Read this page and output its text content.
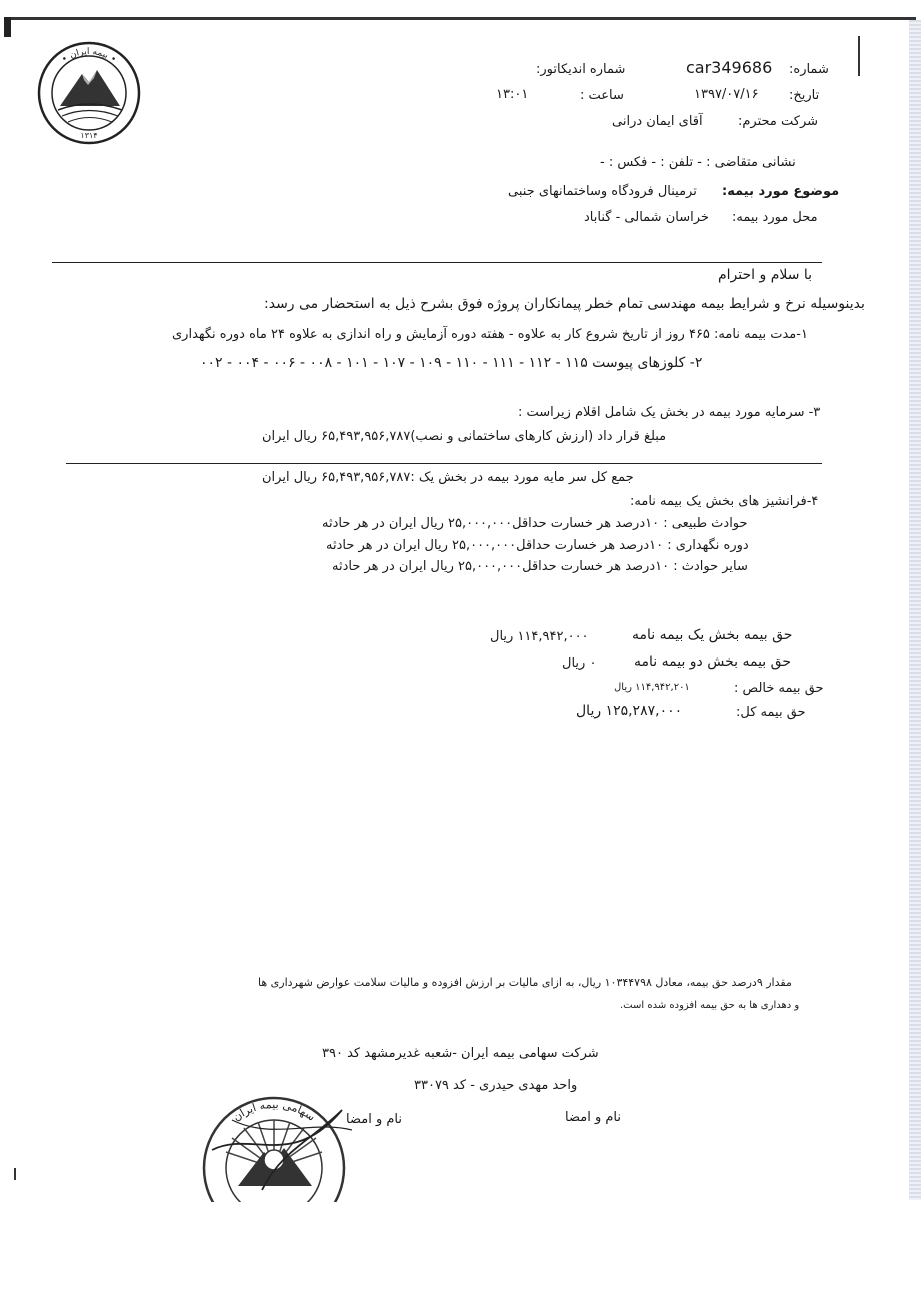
• بیمه ایران •
۱۳۱۴
شماره:
car349686
شماره اندیکاتور:
تاریخ:
۱۳۹۷/۰۷/۱۶
ساعت :
۱۳:۰۱
شرکت محترم:
آقای ایمان درانی
نشانی متقاضی : - تلفن : - فکس : -
موضوع مورد بیمه:
ترمینال فرودگاه وساختمانهای جنبی
محل مورد بیمه:
خراسان شمالی - گناباد
با سلام و احترام
بدینوسیله نرخ و شرایط بیمه مهندسی تمام خطر پیمانکاران پروژه فوق بشرح ذیل به استحضار می رسد:
۱-مدت بیمه نامه: ۴۶۵ روز از تاریخ شروع کار به علاوه - هفته دوره آزمایش و راه اندازی به علاوه ۲۴ ماه دوره نگهداری
۲- کلوزهای پیوست ۱۱۵ - ۱۱۲ - ۱۱۱ - ۱۱۰ - ۱۰۹ - ۱۰۷ - ۱۰۱ - ۰۰۸ - ۰۰۶ - ۰۰۴ - ۰۰۲
۳- سرمایه مورد بیمه در بخش یک شامل اقلام زیراست :
مبلغ قرار داد (ارزش کارهای ساختمانی و نصب)۶۵,۴۹۳,۹۵۶,۷۸۷ ریال ایران
جمع کل سر مایه مورد بیمه در بخش یک :۶۵,۴۹۳,۹۵۶,۷۸۷ ریال ایران
۴-فرانشیز های بخش یک بیمه نامه:
حوادث طبیعی : ۱۰درصد هر خسارت حداقل۲۵,۰۰۰,۰۰۰ ریال ایران در هر حادثه
دوره نگهداری : ۱۰درصد هر خسارت حداقل۲۵,۰۰۰,۰۰۰ ریال ایران در هر حادثه
سایر حوادث : ۱۰درصد هر خسارت حداقل۲۵,۰۰۰,۰۰۰ ریال ایران در هر حادثه
حق بیمه بخش یک بیمه نامه
۱۱۴,۹۴۲,۰۰۰ ریال
حق بیمه بخش دو بیمه نامه
۰ ریال
حق بیمه خالص :
۱۱۴,۹۴۲,۲۰۱ ریال
حق بیمه کل:
۱۲۵,۲۸۷,۰۰۰ ریال
مقدار ۹درصد حق بیمه، معادل ۱۰۳۴۴۷۹۸ ریال، به ازای مالیات بر ارزش افزوده و مالیات سلامت عوارض شهرداری ها
و دهداری ها به حق بیمه افزوده شده است.
شرکت سهامی بیمه ایران -شعبه غدیرمشهد کد ۳۹۰
واحد مهدی حیدری - کد ۳۳۰۷۹
نام و امضا
نام و امضا
سهامی بیمه ایران
